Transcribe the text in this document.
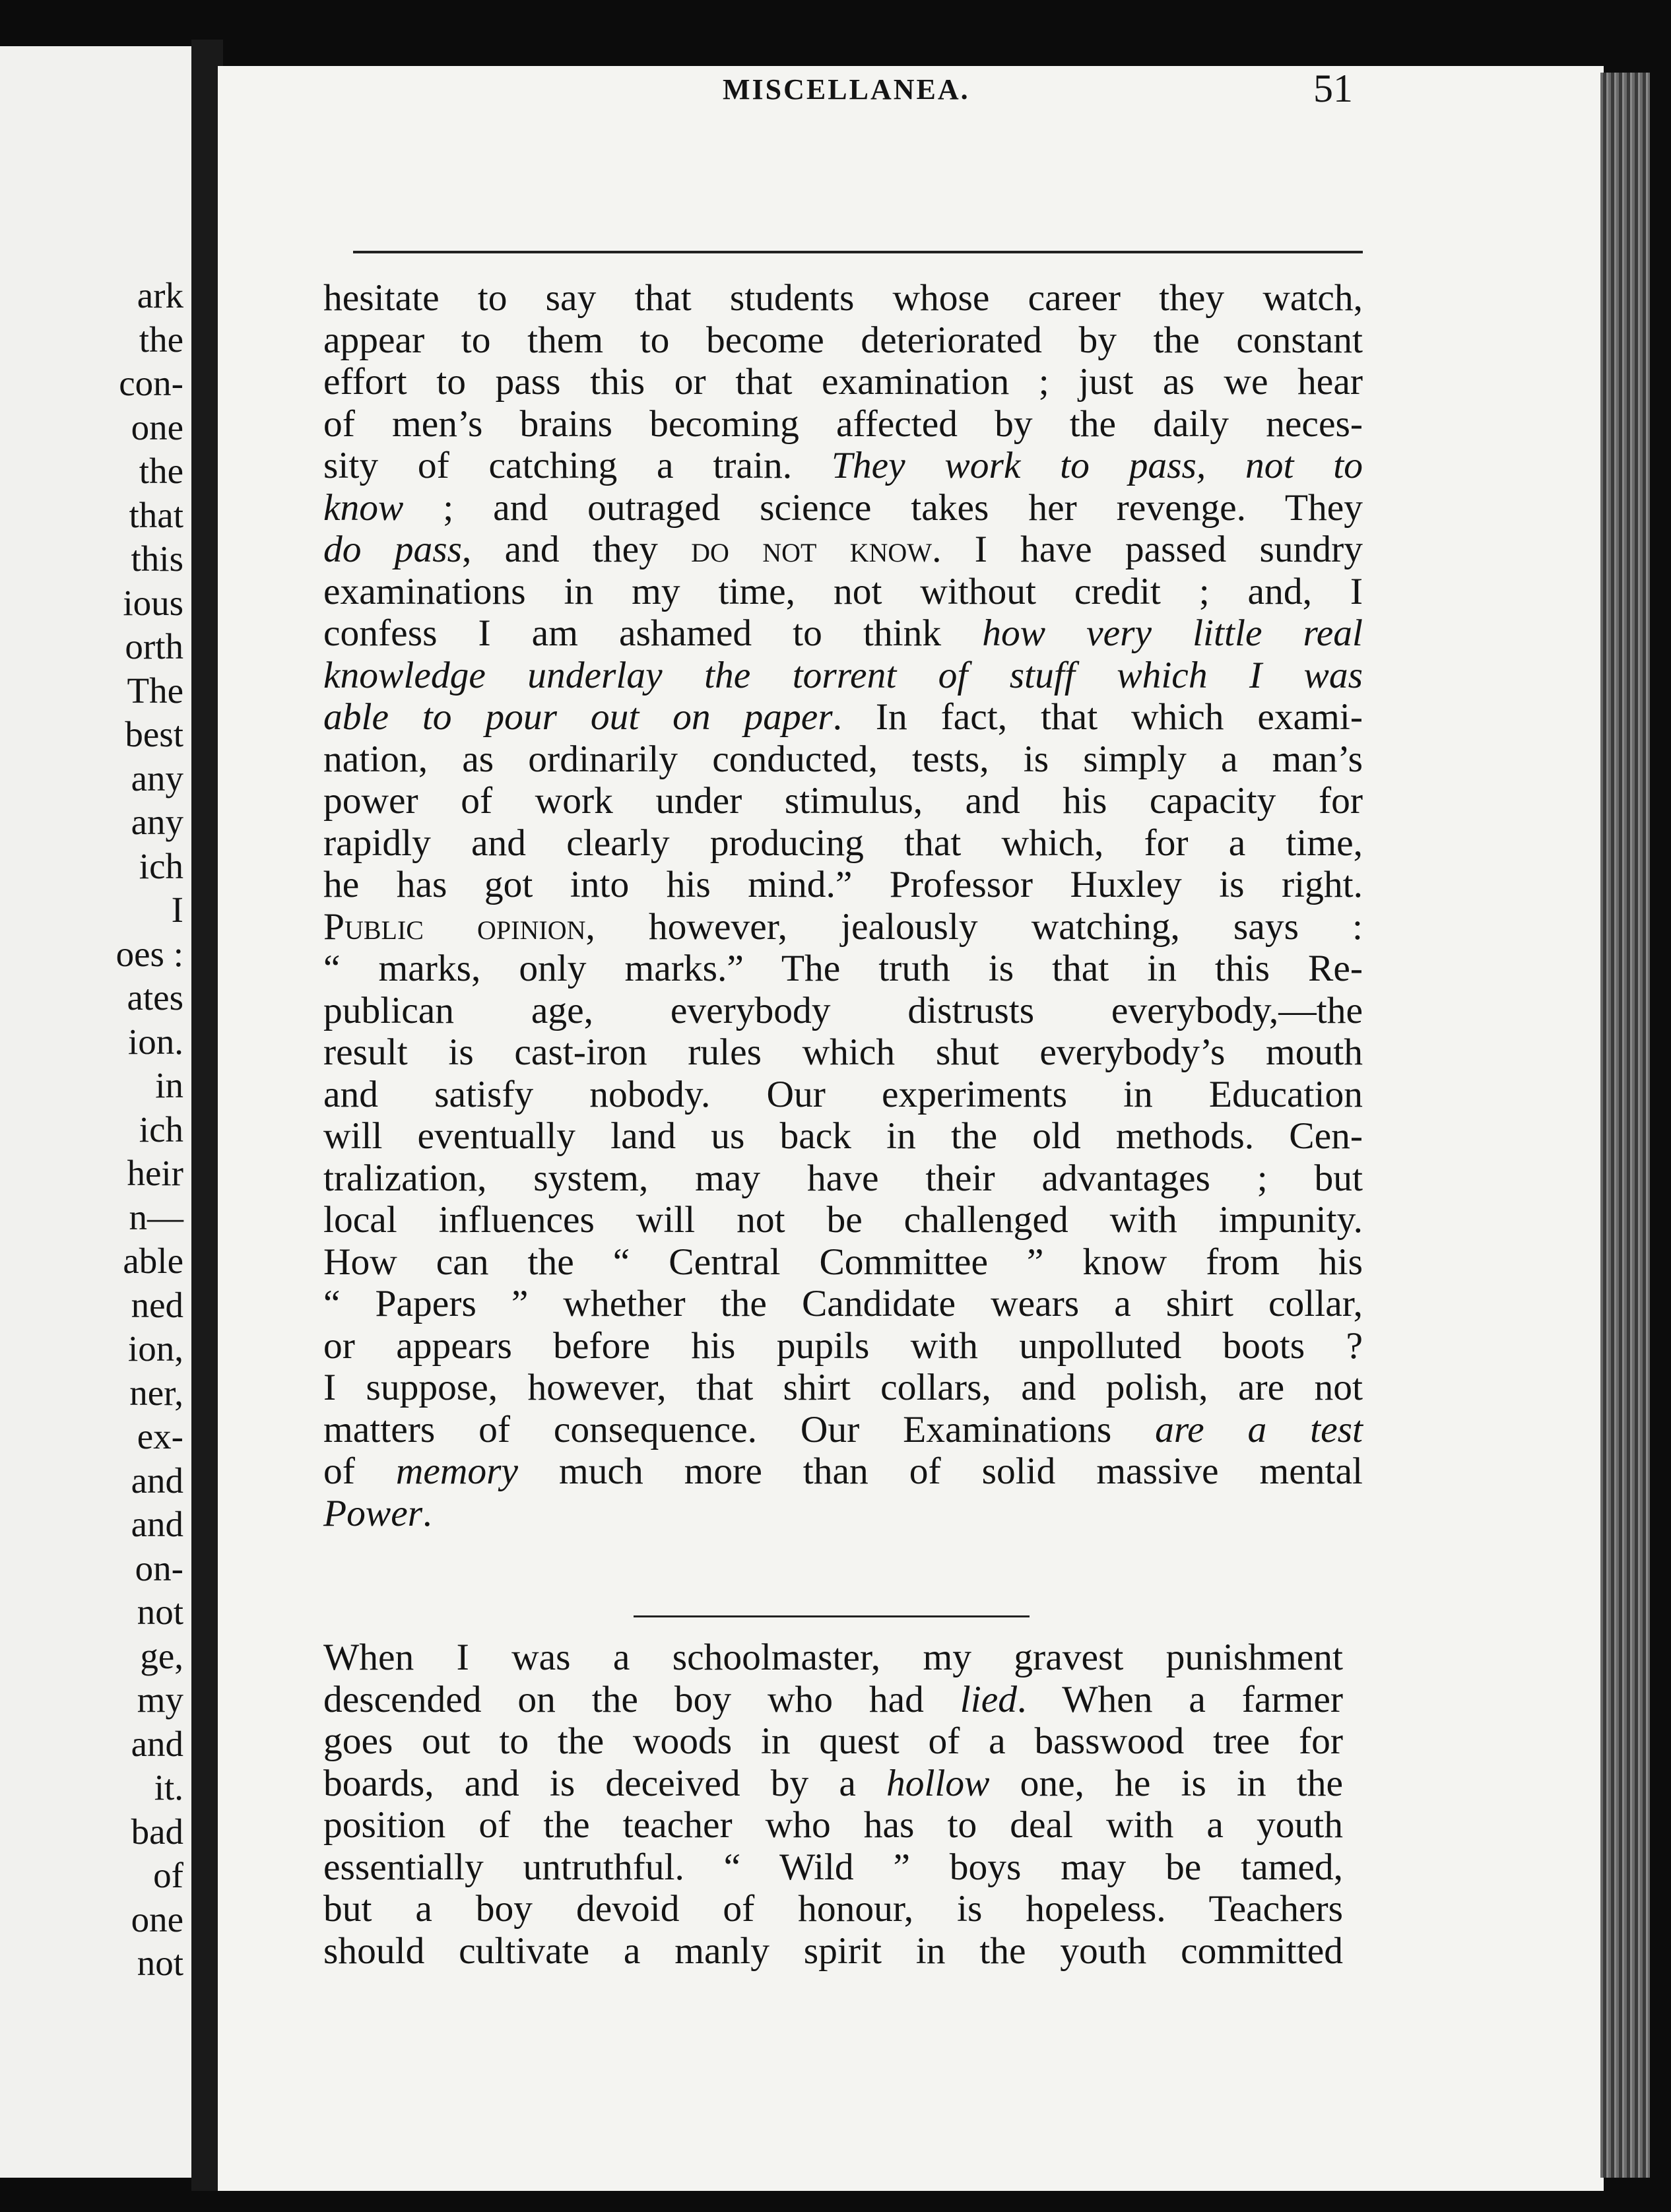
ark
the
con-
one
the
that
this
ious
orth
The
best
any
any
ich
I
oes :
ates
ion.
in
ich
heir
n—
able
ned
ion,
ner,
ex-
and
and
on-
not
ge,
my
and
it.
bad
of
one
not
MISCELLANEA.	51
hesitate to say that students whose career they watch,
appear to them to become deteriorated by the constant
effort to pass this or that examination ; just as we hear
of men’s brains becoming affected by the daily neces-
sity of catching a train. They work to pass, not to
know ; and outraged science takes her revenge. They
do pass, and they do not know. I have passed sundry
examinations in my time, not without credit ; and, I
confess I am ashamed to think how very little real
knowledge underlay the torrent of stuff which I was
able to pour out on paper. In fact, that which exami-
nation, as ordinarily conducted, tests, is simply a man’s
power of work under stimulus, and his capacity for
rapidly and clearly producing that which, for a time,
he has got into his mind.” Professor Huxley is right.
Public opinion, however, jealously watching, says :
“ marks, only marks.” The truth is that in this Re-
publican age, everybody distrusts everybody,—the
result is cast-iron rules which shut everybody’s mouth
and satisfy nobody. Our experiments in Education
will eventually land us back in the old methods. Cen-
tralization, system, may have their advantages ; but
local influences will not be challenged with impunity.
How can the “ Central Committee ” know from his
“ Papers ” whether the Candidate wears a shirt collar,
or appears before his pupils with unpolluted boots ?
I suppose, however, that shirt collars, and polish, are not
matters of consequence. Our Examinations are a test
of memory much more than of solid massive mental
Power.
When I was a schoolmaster, my gravest punishment
descended on the boy who had lied. When a farmer
goes out to the woods in quest of a basswood tree for
boards, and is deceived by a hollow one, he is in the
position of the teacher who has to deal with a youth
essentially untruthful. “ Wild ” boys may be tamed,
but a boy devoid of honour, is hopeless. Teachers
should cultivate a manly spirit in the youth committed
